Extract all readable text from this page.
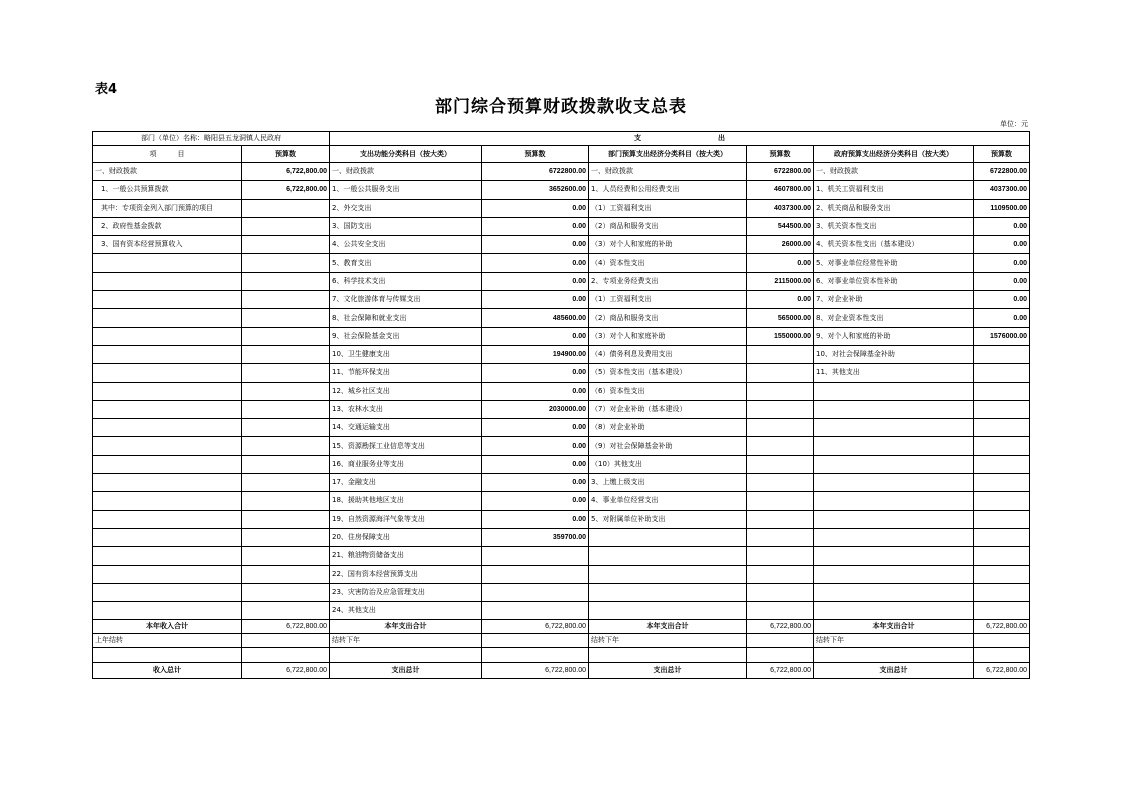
表4
部门综合预算财政拨款收支总表
单位：元
部门（单位）名称：略阳县五龙洞镇人民政府		支　　　　　　　　　　　出					
项　　　目	预算数	支出功能分类科目（按大类）	预算数	部门预算支出经济分类科目（按大类）	预算数	政府预算支出经济分类科目（按大类）	预算数
一、财政拨款	6,722,800.00	一、财政拨款	6722800.00	一、财政拨款	6722800.00	一、财政拨款	6722800.00
1、一般公共预算拨款	6,722,800.00	1、一般公共服务支出	3652600.00	1、人员经费和公用经费支出	4607800.00	1、机关工资福利支出	4037300.00
其中：专项资金列入部门预算的项目		2、外交支出	0.00	（1）工资福利支出	4037300.00	2、机关商品和服务支出	1109500.00
2、政府性基金拨款		3、国防支出	0.00	（2）商品和服务支出	544500.00	3、机关资本性支出	0.00
3、国有资本经营预算收入		4、公共安全支出	0.00	（3）对个人和家庭的补助	26000.00	4、机关资本性支出（基本建设）	0.00
		5、教育支出	0.00	（4）资本性支出	0.00	5、对事业单位经常性补助	0.00
		6、科学技术支出	0.00	2、专项业务经费支出	2115000.00	6、对事业单位资本性补助	0.00
		7、文化旅游体育与传媒支出	0.00	（1）工资福利支出	0.00	7、对企业补助	0.00
		8、社会保障和就业支出	485600.00	（2）商品和服务支出	565000.00	8、对企业资本性支出	0.00
		9、社会保险基金支出	0.00	（3）对个人和家庭补助	1550000.00	9、对个人和家庭的补助	1576000.00
		10、卫生健康支出	194900.00	（4）债务利息及费用支出		10、对社会保障基金补助	
		11、节能环保支出	0.00	（5）资本性支出（基本建设）		11、其他支出	
		12、城乡社区支出	0.00	（6）资本性支出			
		13、农林水支出	2030000.00	（7）对企业补助（基本建设）			
		14、交通运输支出	0.00	（8）对企业补助			
		15、资源勘探工业信息等支出	0.00	（9）对社会保障基金补助			
		16、商业服务业等支出	0.00	（10）其他支出			
		17、金融支出	0.00	3、上缴上级支出			
		18、援助其他地区支出	0.00	4、事业单位经营支出			
		19、自然资源海洋气象等支出	0.00	5、对附属单位补助支出			
		20、住房保障支出	359700.00				
		21、粮油物资储备支出					
		22、国有资本经营预算支出					
		23、灾害防治及应急管理支出					
		24、其他支出					
本年收入合计	6,722,800.00	本年支出合计	6,722,800.00	本年支出合计	6,722,800.00	本年支出合计	6,722,800.00
上年结转		结转下年		结转下年		结转下年	

收入总计	6,722,800.00	支出总计	6,722,800.00	支出总计	6,722,800.00	支出总计	6,722,800.00
